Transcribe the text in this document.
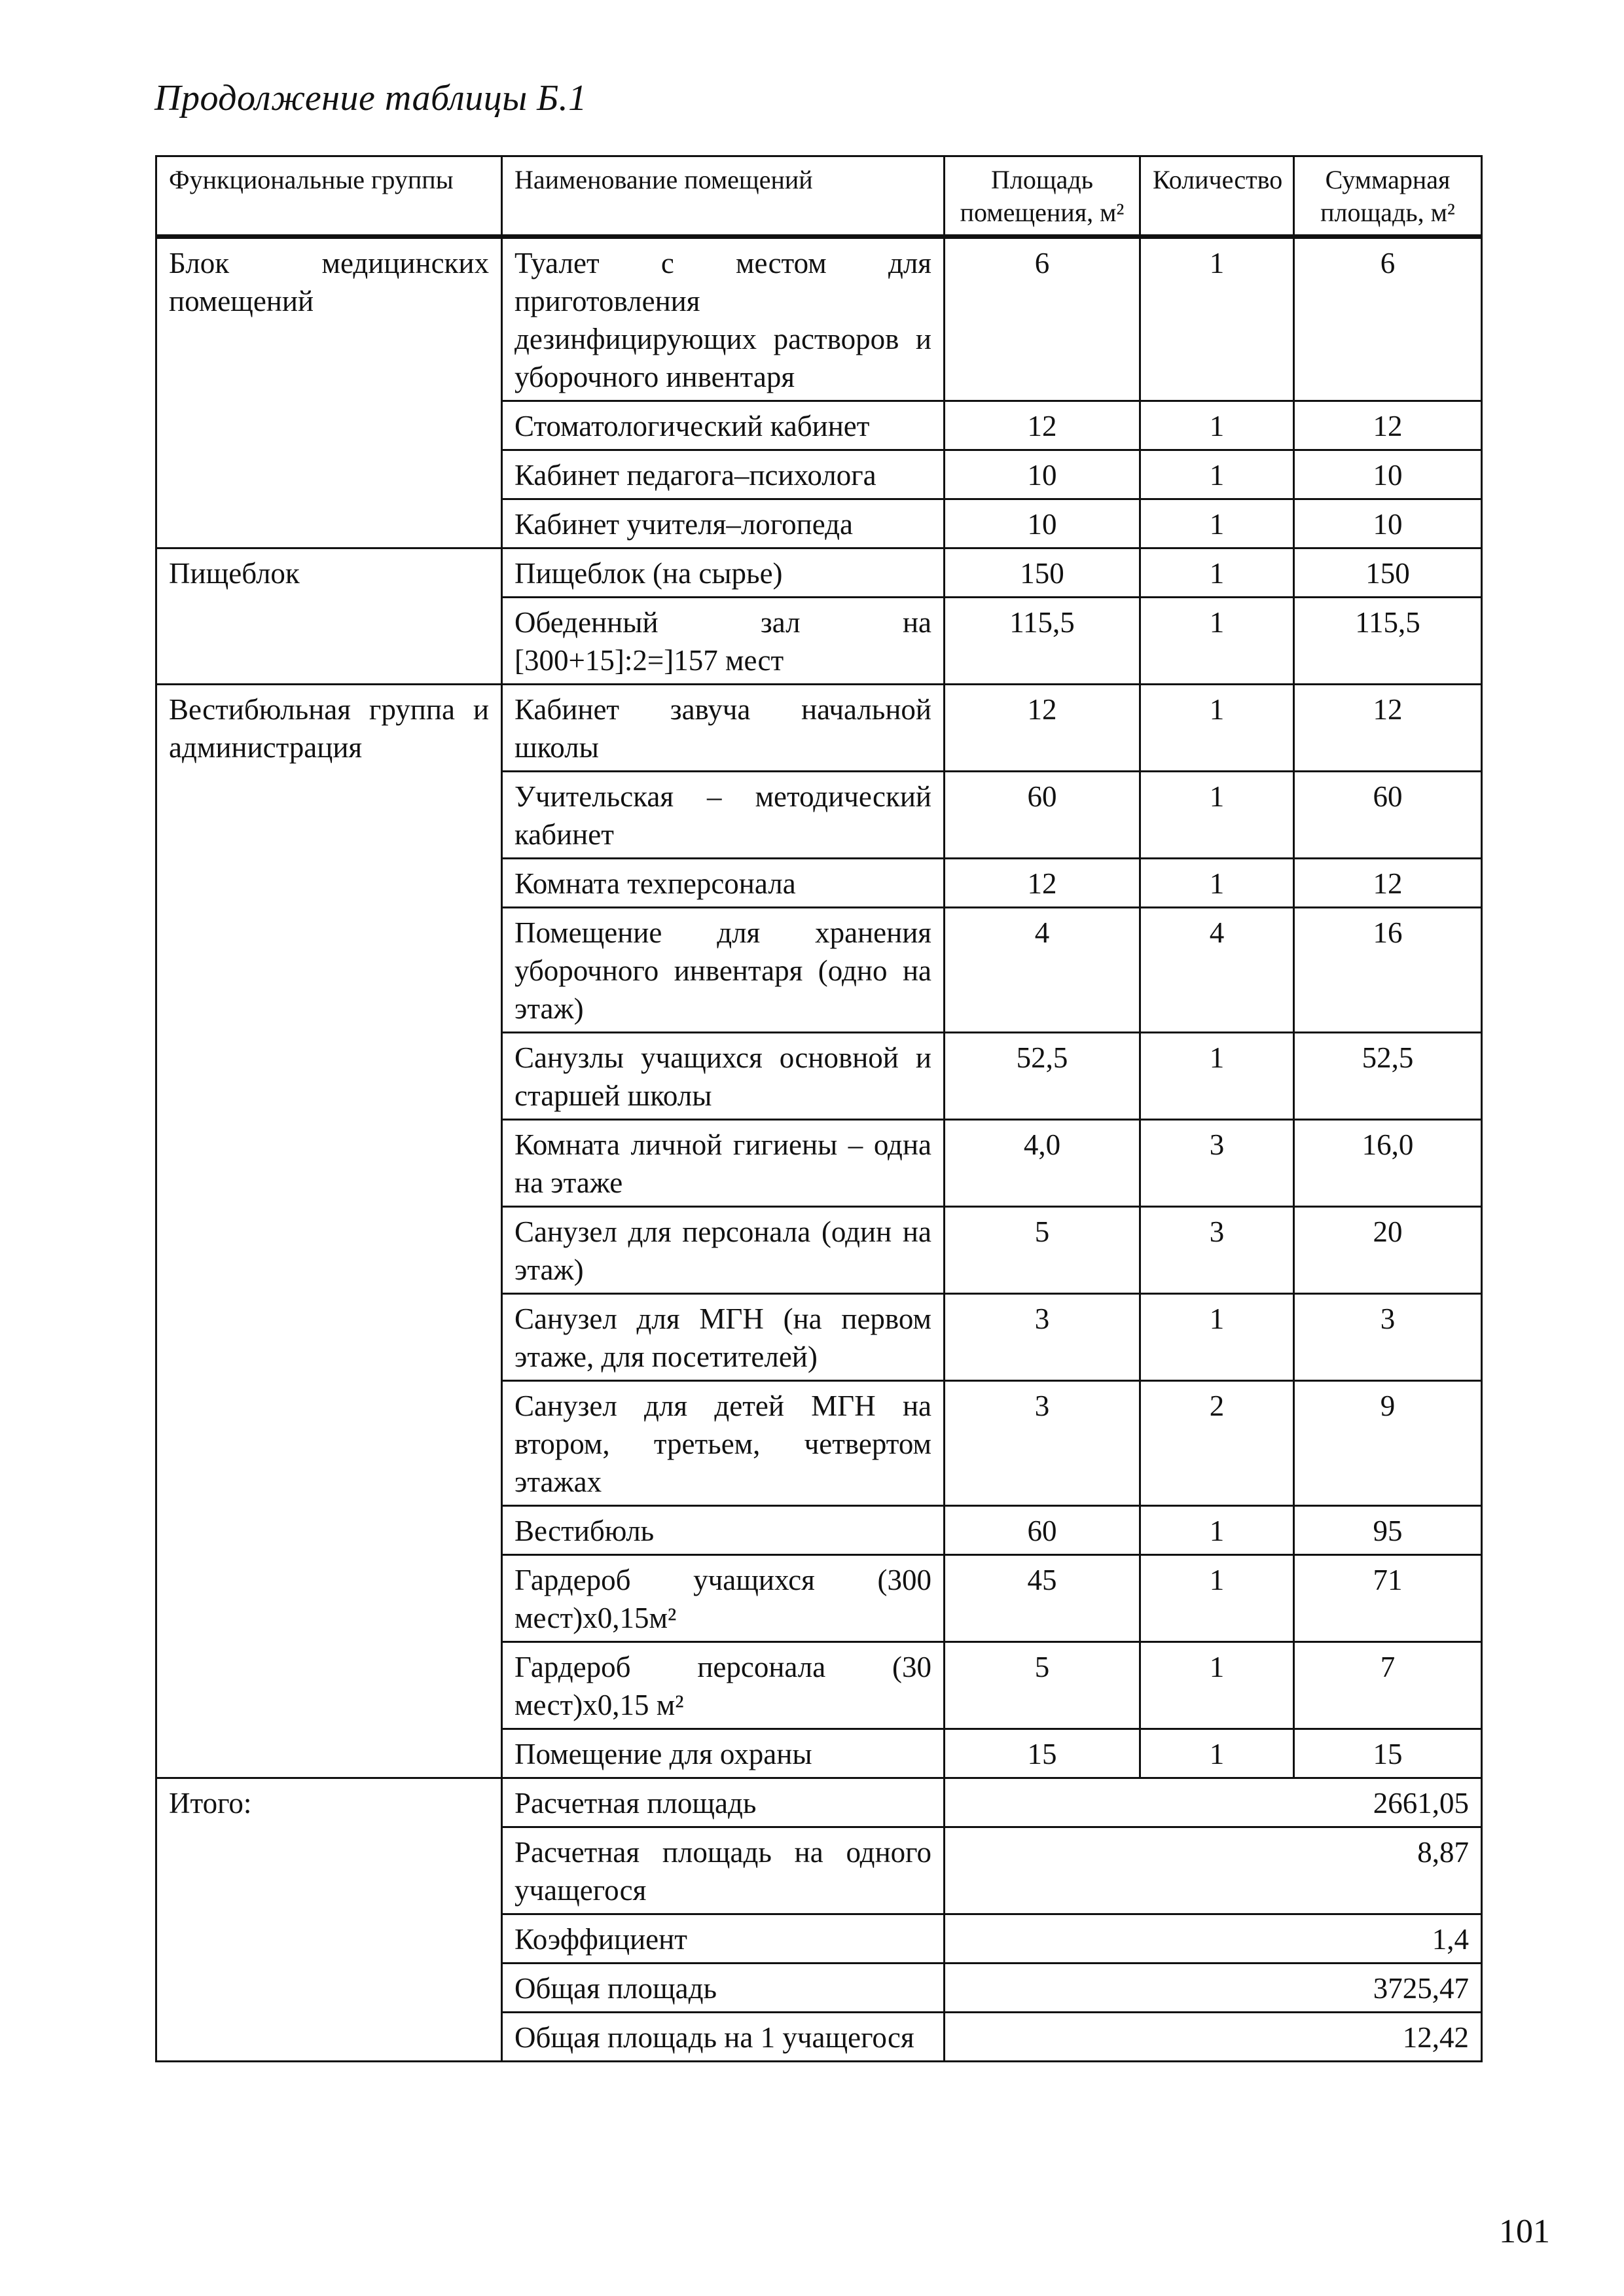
Продолжение таблицы Б.1
Функциональные группы	Наименование помещений	Площадь помещения, м²	Количество	Суммарная площадь, м²
Блок медицинских помещений	Туалет с местом для приготовления дезинфицирующих растворов и уборочного инвентаря	6	1	6
	Стоматологический кабинет	12	1	12
	Кабинет педагога–психолога	10	1	10
	Кабинет учителя–логопеда	10	1	10
Пищеблок	Пищеблок (на сырье)	150	1	150
	Обеденный зал на [300+15]:2=]157 мест	115,5	1	115,5
Вестибюльная группа и администрация	Кабинет завуча начальной школы	12	1	12
	Учительская – методический кабинет	60	1	60
	Комната техперсонала	12	1	12
	Помещение для хранения уборочного инвентаря (одно на этаж)	4	4	16
	Санузлы учащихся основной и старшей школы	52,5	1	52,5
	Комната личной гигиены – одна на этаже	4,0	3	16,0
	Санузел для персонала (один на этаж)	5	3	20
	Санузел для МГН (на первом этаже, для посетителей)	3	1	3
	Санузел для детей МГН на втором, третьем, четвертом этажах	3	2	9
	Вестибюль	60	1	95
	Гардероб учащихся (300 мест)х0,15м²	45	1	71
	Гардероб персонала (30 мест)х0,15 м²	5	1	7
	Помещение для охраны	15	1	15
Итого:	Расчетная площадь	2661,05		
	Расчетная площадь на одного учащегося	8,87		
	Коэффициент	1,4		
	Общая площадь	3725,47		
	Общая площадь на 1 учащегося	12,42		
101
